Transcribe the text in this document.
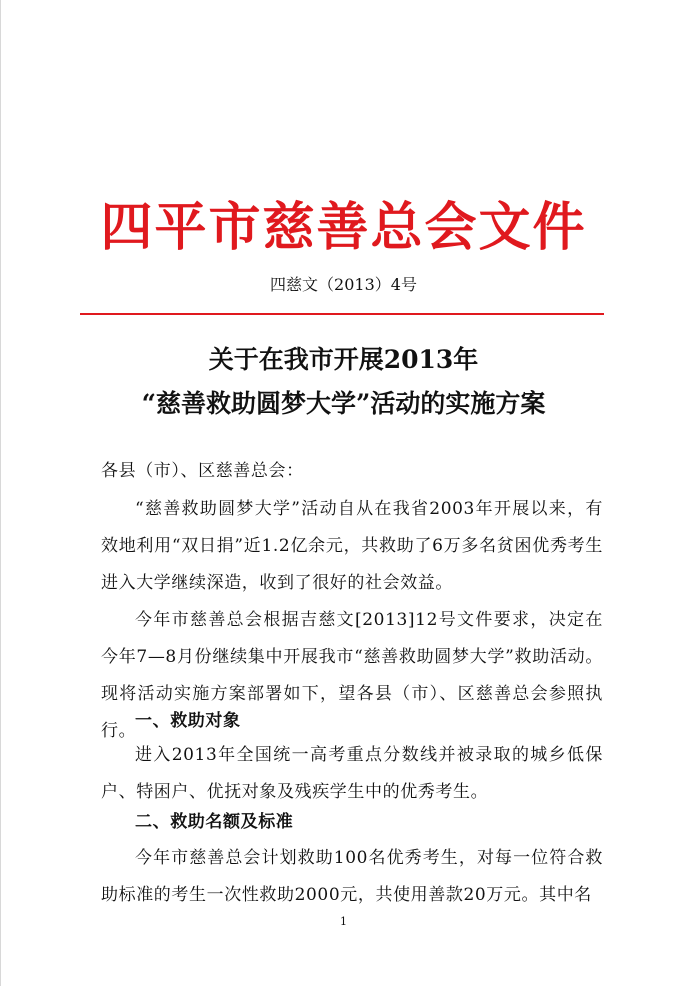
四平市慈善总会文件
四慈文（2013）4号
关于在我市开展2013年
“慈善救助圆梦大学”活动的实施方案

各县（市）、区慈善总会：

“慈善救助圆梦大学”活动自从在我省2003年开展以来，有效地利用“双日捐”近1.2亿余元，共救助了6万多名贫困优秀考生进入大学继续深造，收到了很好的社会效益。

今年市慈善总会根据吉慈文[2013]12号文件要求，决定在今年7—8月份继续集中开展我市“慈善救助圆梦大学”救助活动。现将活动实施方案部署如下，望各县（市）、区慈善总会参照执行。

一、救助对象

进入2013年全国统一高考重点分数线并被录取的城乡低保户、特困户、优抚对象及残疾学生中的优秀考生。

二、救助名额及标准

今年市慈善总会计划救助100名优秀考生，对每一位符合救助标准的考生一次性救助2000元，共使用善款20万元。其中名

1
